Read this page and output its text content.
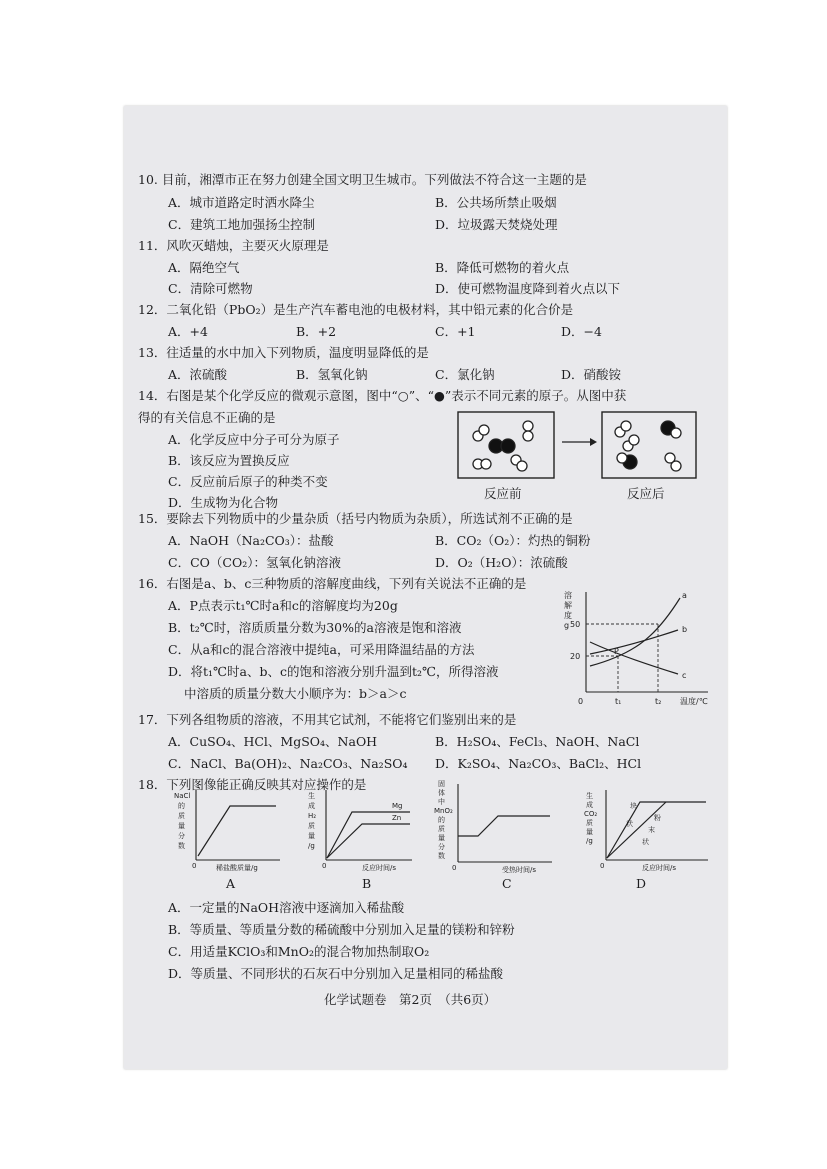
10. 目前，湘潭市正在努力创建全国文明卫生城市。下列做法不符合这一主题的是
A．城市道路定时洒水降尘	B．公共场所禁止吸烟
C．建筑工地加强扬尘控制	D．垃圾露天焚烧处理
11．风吹灭蜡烛，主要灭火原理是
A．隔绝空气	B．降低可燃物的着火点
C．清除可燃物	D．使可燃物温度降到着火点以下
12．二氧化铅（PbO₂）是生产汽车蓄电池的电极材料，其中铅元素的化合价是
A．+4	B．+2	C．+1	D．−4
13．往适量的水中加入下列物质，温度明显降低的是
A．浓硫酸	B．氢氧化钠	C．氯化钠	D．硝酸铵
14．右图是某个化学反应的微观示意图，图中“○”、“●”表示不同元素的原子。从图中获
得的有关信息不正确的是
A．化学反应中分子可分为原子
B．该反应为置换反应
C．反应前后原子的种类不变
D．生成物为化合物
反应前	反应后
15．要除去下列物质中的少量杂质（括号内物质为杂质），所选试剂不正确的是
A．NaOH（Na₂CO₃）：盐酸	B．CO₂（O₂）：灼热的铜粉
C．CO（CO₂）：氢氧化钠溶液	D．O₂（H₂O）：浓硫酸
16．右图是a、b、c三种物质的溶解度曲线，下列有关说法不正确的是
A．P点表示t₁℃时a和c的溶解度均为20g
B．t₂℃时，溶质质量分数为30%的a溶液是饱和溶液
C．从a和c的混合溶液中提纯a，可采用降温结晶的方法
D．将t₁℃时a、b、c的饱和溶液分别升温到t₂℃，所得溶液
中溶质的质量分数大小顺序为：b＞a＞c
溶
解
度
g
a
b
c
P
50
20
0	t₁	t₂ 温度/℃
17．下列各组物质的溶液，不用其它试剂，不能将它们鉴别出来的是
A．CuSO₄、HCl、MgSO₄、NaOH	B．H₂SO₄、FeCl₃、NaOH、NaCl
C．NaCl、Ba(OH)₂、Na₂CO₃、Na₂SO₄ D．K₂SO₄、Na₂CO₃、BaCl₂、HCl
18．下列图像能正确反映其对应操作的是
NaCl
的
质
量
分
数
0	稀盐酸质量/g
A
生
成
H₂
质
量
/g
0	反应时间/s
Mg
Zn
B
固
体
中
MnO₂
的
质
量
分
数
0	受热时间/s
C
生
成
CO₂
质
量
/g
0	反应时间/s
块
状
粉
末
状
D
A．一定量的NaOH溶液中逐滴加入稀盐酸
B．等质量、等质量分数的稀硫酸中分别加入足量的镁粉和锌粉
C．用适量KClO₃和MnO₂的混合物加热制取O₂
D．等质量、不同形状的石灰石中分别加入足量相同的稀盐酸
化学试题卷　第2页　（共6页）
